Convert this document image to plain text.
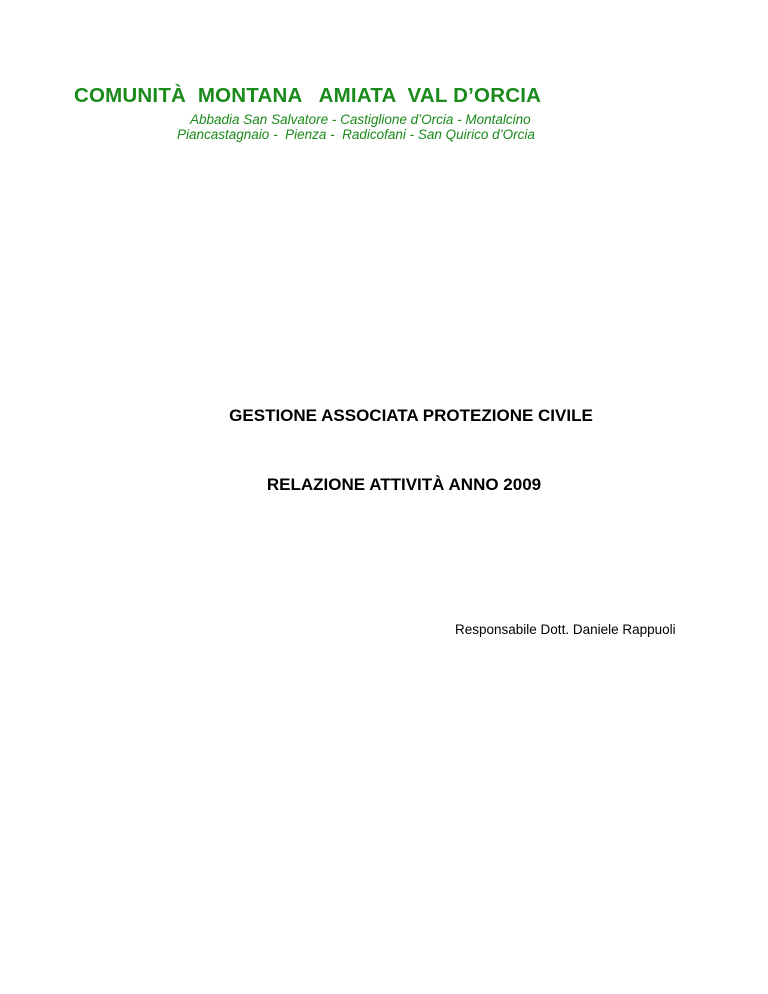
COMUNITÀ  MONTANA   AMIATA  VAL D’ORCIA
Abbadia San Salvatore - Castiglione d’Orcia - Montalcino
Piancastagnaio -  Pienza -  Radicofani - San Quirico d’Orcia
GESTIONE ASSOCIATA PROTEZIONE CIVILE
RELAZIONE ATTIVITÀ ANNO 2009
Responsabile Dott. Daniele Rappuoli
